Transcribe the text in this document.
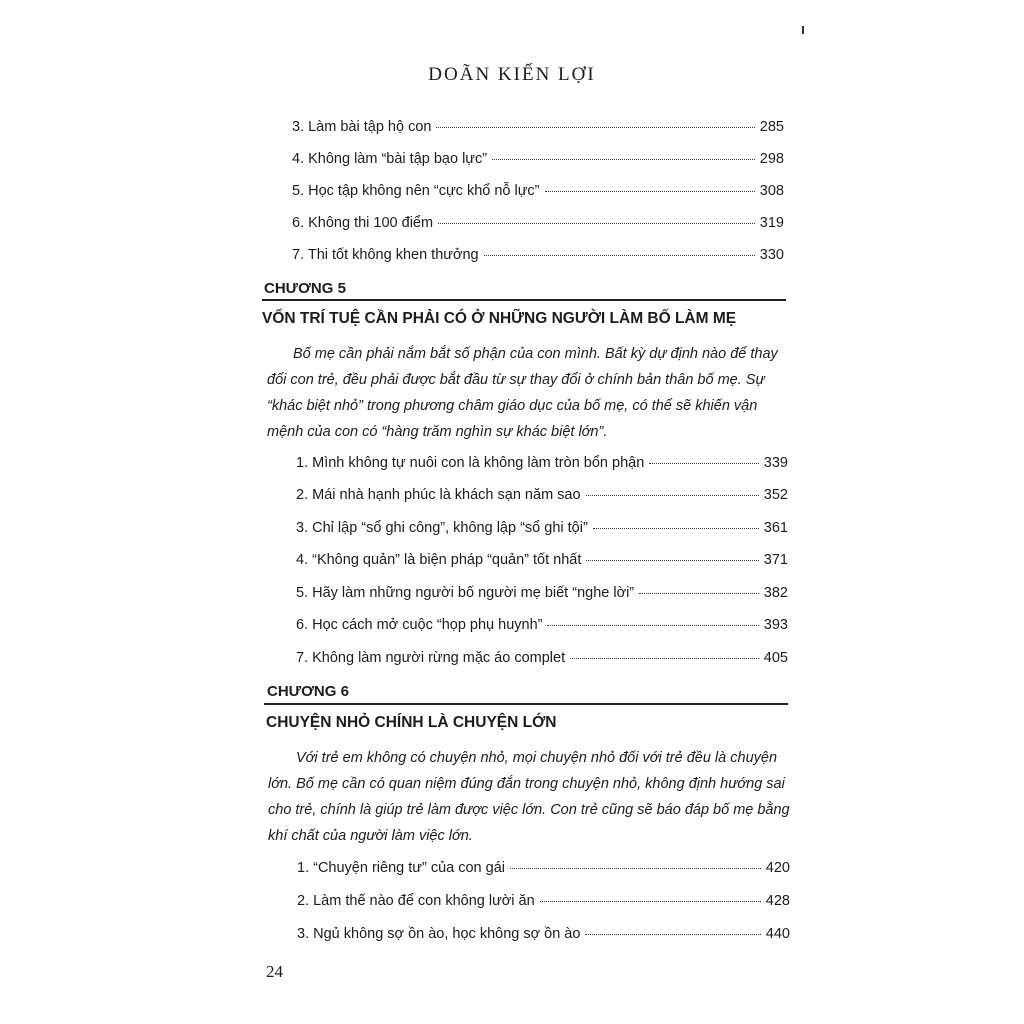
DOÃN KIẾN LỢI
3. Làm bài tập hộ con	285
4. Không làm “bài tập bạo lực”	298
5. Học tập không nên “cực khổ nỗ lực”	308
6. Không thi 100 điểm	319
7. Thi tốt không khen thưởng	330
CHƯƠNG 5
VỐN TRÍ TUỆ CẦN PHẢI CÓ Ở NHỮNG NGƯỜI LÀM BỐ LÀM MẸ
Bố mẹ cần phải nắm bắt số phận của con mình. Bất kỳ dự định nào để thay
đổi con trẻ, đều phải được bắt đầu từ sự thay đổi ở chính bản thân bố mẹ. Sự
“khác biệt nhỏ” trong phương châm giáo dục của bố mẹ, có thể sẽ khiến vận
mệnh của con có “hàng trăm nghìn sự khác biệt lớn”.
1. Mình không tự nuôi con là không làm tròn bổn phận	339
2. Mái nhà hạnh phúc là khách sạn năm sao	352
3. Chỉ lập “sổ ghi công”, không lập “sổ ghi tội”	361
4. “Không quản” là biện pháp “quản” tốt nhất	371
5. Hãy làm những người bố người mẹ biết “nghe lời”	382
6. Học cách mở cuộc “họp phụ huynh”	393
7. Không làm người rừng mặc áo complet	405
CHƯƠNG 6
CHUYỆN NHỎ CHÍNH LÀ CHUYỆN LỚN
Với trẻ em không có chuyện nhỏ, mọi chuyện nhỏ đối với trẻ đều là chuyện
lớn. Bố mẹ cần có quan niệm đúng đắn trong chuyện nhỏ, không định hướng sai
cho trẻ, chính là giúp trẻ làm được việc lớn. Con trẻ cũng sẽ báo đáp bố mẹ bằng
khí chất của người làm việc lớn.
1. “Chuyện riêng tư” của con gái	420
2. Làm thế nào để con không lười ăn	428
3. Ngủ không sợ ồn ào, học không sợ ồn ào	440
24
